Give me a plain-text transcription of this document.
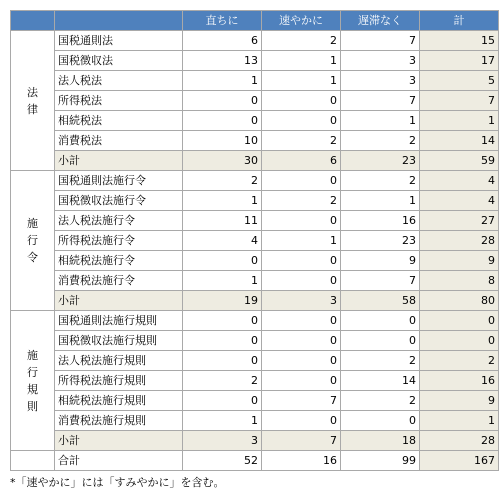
		直ちに	速やかに	遅滞なく	計

法
律	国税通則法	6	2	7	15
	国税徴収法	13	1	3	17
	法人税法	1	1	3	5
	所得税法	0	0	7	7
	相続税法	0	0	1	1
	消費税法	10	2	2	14
	小計	30	6	23	59

施
行
令	国税通則法施行令	2	0	2	4
	国税徴収法施行令	1	2	1	4
	法人税法施行令	11	0	16	27
	所得税法施行令	4	1	23	28
	相続税法施行令	0	0	9	9
	消費税法施行令	1	0	7	8
	小計	19	3	58	80

施
行
規
則	国税通則法施行規則	0	0	0	0
	国税徴収法施行規則	0	0	0	0
	法人税法施行規則	0	0	2	2
	所得税法施行規則	2	0	14	16
	相続税法施行規則	0	7	2	9
	消費税法施行規則	1	0	0	1
	小計	3	7	18	28
	合計	52	16	99	167
*「速やかに」には「すみやかに」を含む。
